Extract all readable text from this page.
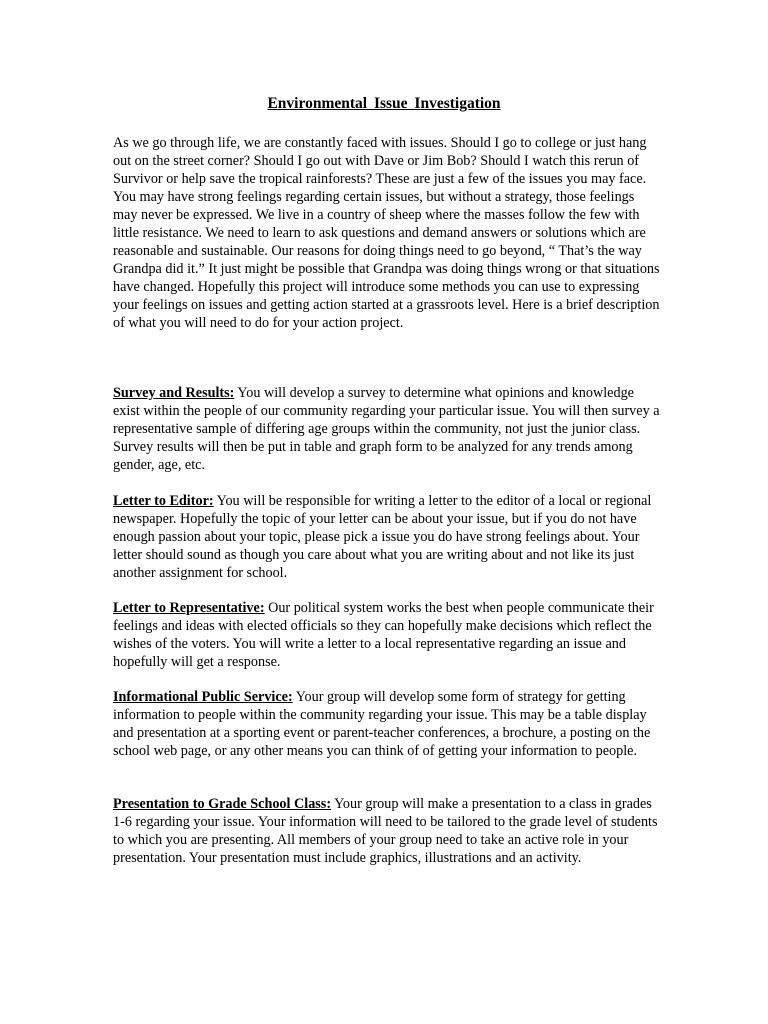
Environmental Issue Investigation

As we go through life, we are constantly faced with issues. Should I go to college or just hang out on the street corner? Should I go out with Dave or Jim Bob? Should I watch this rerun of Survivor or help save the tropical rainforests? These are just a few of the issues you may face. You may have strong feelings regarding certain issues, but without a strategy, those feelings may never be expressed. We live in a country of sheep where the masses follow the few with little resistance. We need to learn to ask questions and demand answers or solutions which are reasonable and sustainable. Our reasons for doing things need to go beyond, “ That’s the way Grandpa did it.” It just might be possible that Grandpa was doing things wrong or that situations have changed. Hopefully this project will introduce some methods you can use to expressing your feelings on issues and getting action started at a grassroots level. Here is a brief description of what you will need to do for your action project.

Survey and Results: You will develop a survey to determine what opinions and knowledge exist within the people of our community regarding your particular issue. You will then survey a representative sample of differing age groups within the community, not just the junior class. Survey results will then be put in table and graph form to be analyzed for any trends among gender, age, etc.

Letter to Editor: You will be responsible for writing a letter to the editor of a local or regional newspaper. Hopefully the topic of your letter can be about your issue, but if you do not have enough passion about your topic, please pick a issue you do have strong feelings about. Your letter should sound as though you care about what you are writing about and not like its just another assignment for school.

Letter to Representative: Our political system works the best when people communicate their feelings and ideas with elected officials so they can hopefully make decisions which reflect the wishes of the voters. You will write a letter to a local representative regarding an issue and hopefully will get a response.

Informational Public Service: Your group will develop some form of strategy for getting information to people within the community regarding your issue. This may be a table display and presentation at a sporting event or parent-teacher conferences, a brochure, a posting on the school web page, or any other means you can think of of getting your information to people.

Presentation to Grade School Class: Your group will make a presentation to a class in grades 1-6 regarding your issue. Your information will need to be tailored to the grade level of students to which you are presenting. All members of your group need to take an active role in your presentation. Your presentation must include graphics, illustrations and an activity.
